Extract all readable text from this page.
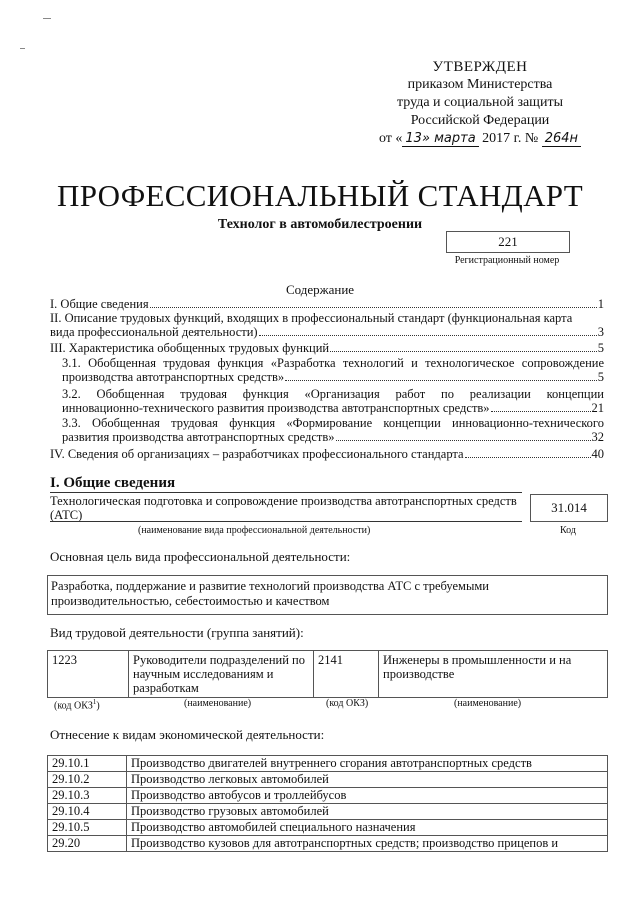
УТВЕРЖДЕН
приказом Министерства
труда и социальной защиты
Российской Федерации
от « 13» марта 2017 г. № 264н
ПРОФЕССИОНАЛЬНЫЙ СТАНДАРТ
Технолог в автомобилестроении
221
Регистрационный номер
Содержание
I. Общие сведения	1
II. Описание трудовых функций, входящих в профессиональный стандарт (функциональная карта
вида профессиональной деятельности)	3
III. Характеристика обобщенных трудовых функций	5
3.1. Обобщенная трудовая функция «Разработка технологий и технологическое сопровождение
производства автотранспортных средств»	5
3.2. Обобщенная трудовая функция «Организация работ по реализации концепции
инновационно-технического развития производства автотранспортных средств»	21
3.3. Обобщенная трудовая функция «Формирование концепции инновационно-технического
развития производства автотранспортных средств»	32
IV. Сведения об организациях – разработчиках профессионального стандарта	40
I. Общие сведения
Технологическая подготовка и сопровождение производства автотранспортных средств (АТС)
(наименование вида профессиональной деятельности)
31.014
Код
Основная цель вида профессиональной деятельности:
Разработка, поддержание и развитие технологий производства АТС с требуемыми производительностью, себестоимостью и качеством
Вид трудовой деятельности (группа занятий):
1223	Руководители подразделений по научным исследованиям и разработкам	2141	Инженеры в промышленности и на производстве
(код ОКЗ$^1$)	(наименование)	(код ОКЗ)	(наименование)
Отнесение к видам экономической деятельности:
29.10.1	Производство двигателей внутреннего сгорания автотранспортных средств
29.10.2	Производство легковых автомобилей
29.10.3	Производство автобусов и троллейбусов
29.10.4	Производство грузовых автомобилей
29.10.5	Производство автомобилей специального назначения
29.20	Производство кузовов для автотранспортных средств; производство прицепов и
